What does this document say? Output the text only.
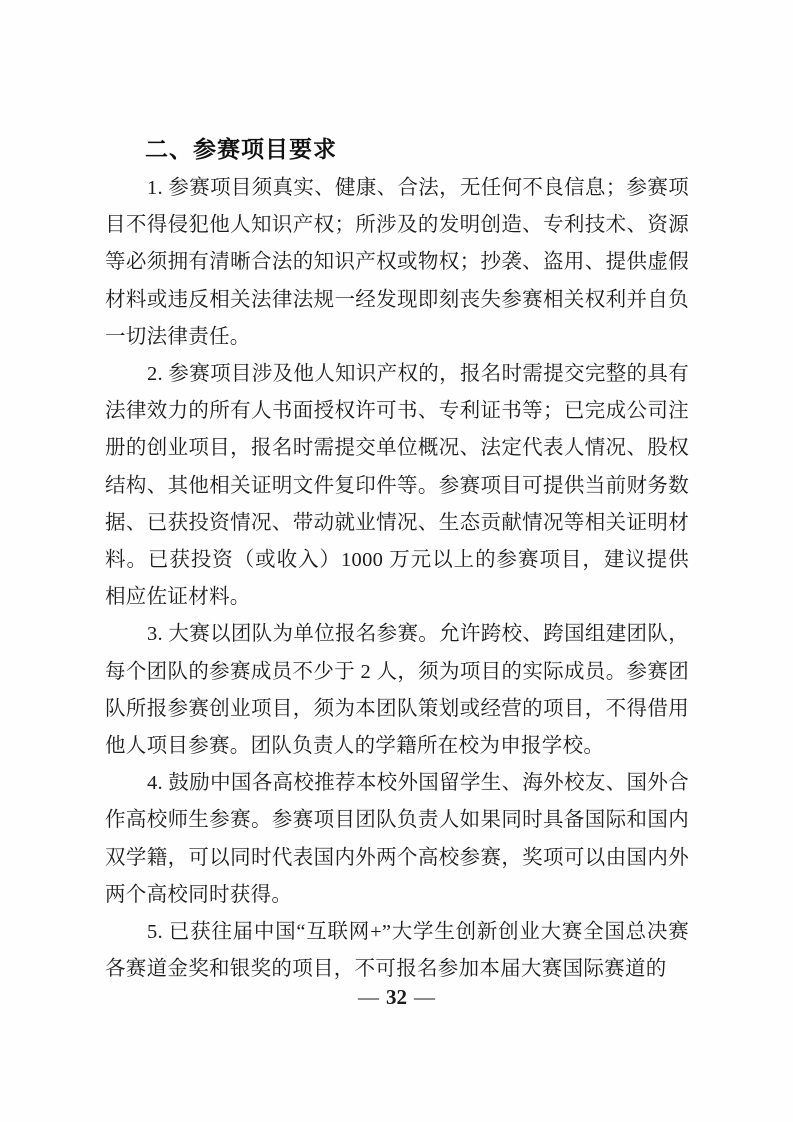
二、参赛项目要求

1. 参赛项目须真实、健康、合法，无任何不良信息；参赛项目不得侵犯他人知识产权；所涉及的发明创造、专利技术、资源等必须拥有清晰合法的知识产权或物权；抄袭、盗用、提供虚假材料或违反相关法律法规一经发现即刻丧失参赛相关权利并自负一切法律责任。

2. 参赛项目涉及他人知识产权的，报名时需提交完整的具有法律效力的所有人书面授权许可书、专利证书等；已完成公司注册的创业项目，报名时需提交单位概况、法定代表人情况、股权结构、其他相关证明文件复印件等。参赛项目可提供当前财务数据、已获投资情况、带动就业情况、生态贡献情况等相关证明材料。已获投资（或收入）1000 万元以上的参赛项目，建议提供相应佐证材料。

3. 大赛以团队为单位报名参赛。允许跨校、跨国组建团队，每个团队的参赛成员不少于 2 人，须为项目的实际成员。参赛团队所报参赛创业项目，须为本团队策划或经营的项目，不得借用他人项目参赛。团队负责人的学籍所在校为申报学校。

4. 鼓励中国各高校推荐本校外国留学生、海外校友、国外合作高校师生参赛。参赛项目团队负责人如果同时具备国际和国内双学籍，可以同时代表国内外两个高校参赛，奖项可以由国内外两个高校同时获得。

5. 已获往届中国“互联网+”大学生创新创业大赛全国总决赛各赛道金奖和银奖的项目，不可报名参加本届大赛国际赛道的

— 32 —
